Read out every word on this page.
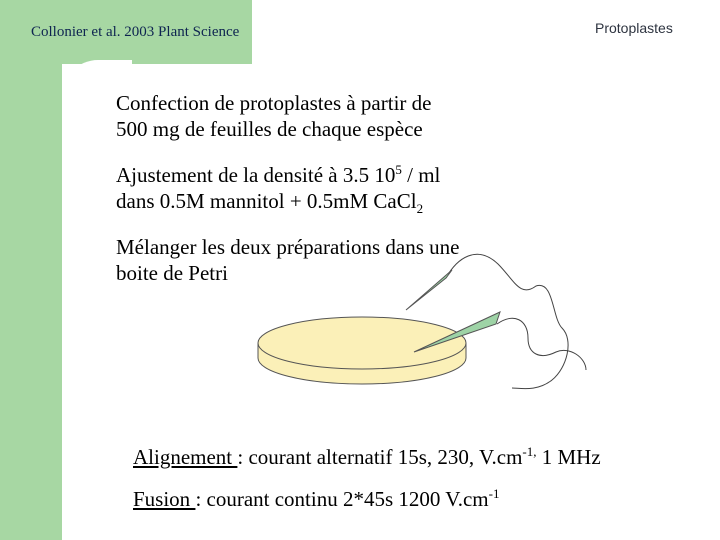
Collonier et al. 2003 Plant Science	Protoplastes
Confection de protoplastes à partir de
500 mg de feuilles de chaque espèce
Ajustement de la densité à 3.5 $10^5$ / ml
dans 0.5M mannitol + 0.5mM CaCl$_2$
Mélanger les deux préparations dans une
boite de Petri
Alignement : courant alternatif 15s, 230, $V.cm^{-1,}$ 1 MHz
Fusion : courant continu 2*45s 1200 $V.cm^{-1}$
